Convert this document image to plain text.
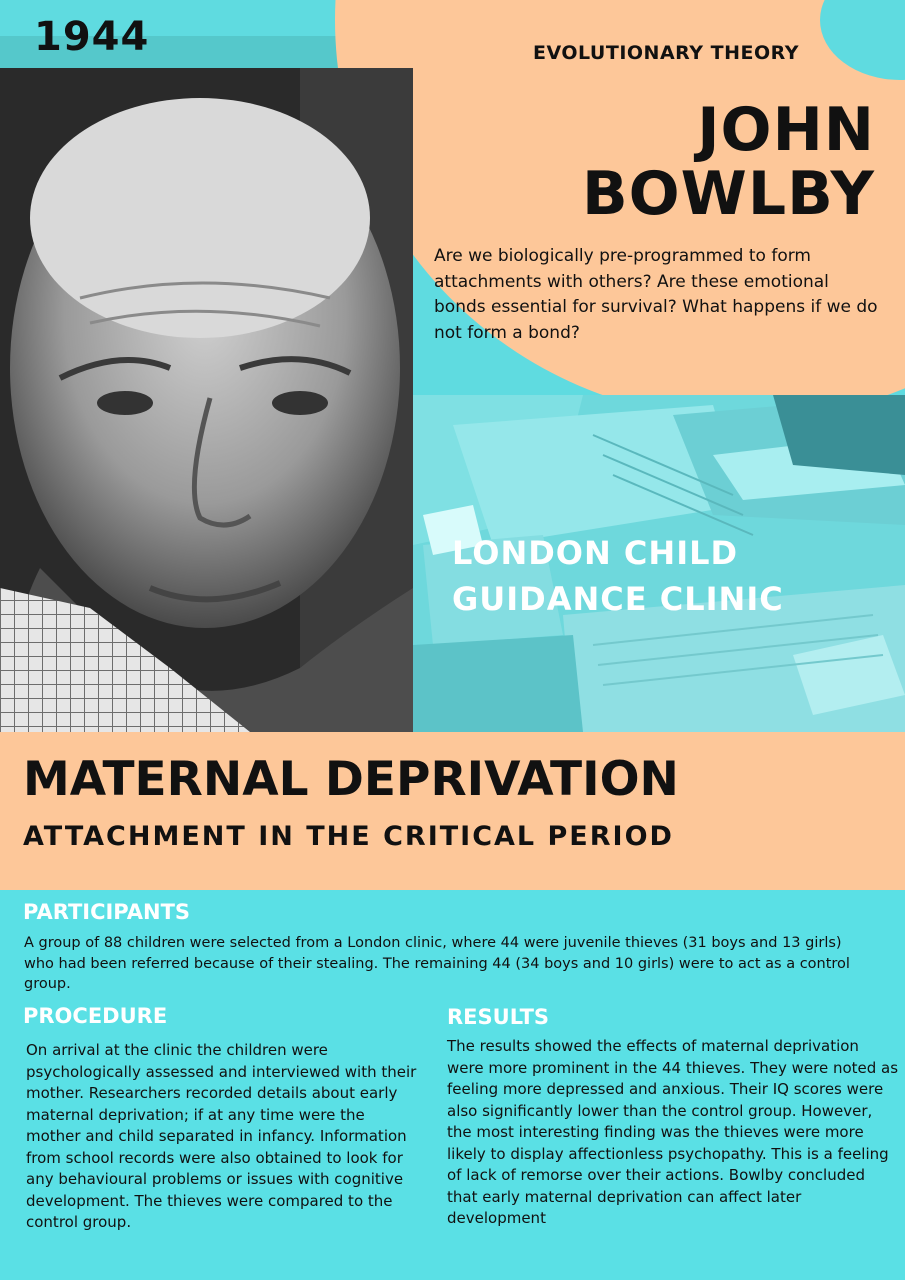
1944	EVOLUTIONARY THEORY
JOHN
BOWLBY

Are we biologically pre-programmed to form attachments with others? Are these emotional bonds essential for survival? What happens if we do not form a bond?

LONDON CHILD
GUIDANCE CLINIC
MATERNAL DEPRIVATION
ATTACHMENT IN THE CRITICAL PERIOD
PARTICIPANTS

A group of 88 children were selected from a London clinic, where 44 were juvenile thieves (31 boys and 13 girls) who had been referred because of their stealing. The remaining 44 (34 boys and 10 girls) were to act as a control group.

PROCEDURE

On arrival at the clinic the children were psychologically assessed and interviewed with their mother. Researchers recorded details about early maternal deprivation; if at any time were the mother and child separated in infancy. Information from school records were also obtained to look for any behavioural problems or issues with cognitive development. The thieves were compared to the control group.

RESULTS

The results showed the effects of maternal deprivation were more prominent in the 44 thieves. They were noted as feeling more depressed and anxious. Their IQ scores were also significantly lower than the control group. However, the most interesting finding was the thieves were more likely to display affectionless psychopathy. This is a feeling of lack of remorse over their actions. Bowlby concluded that early maternal deprivation can affect later development
